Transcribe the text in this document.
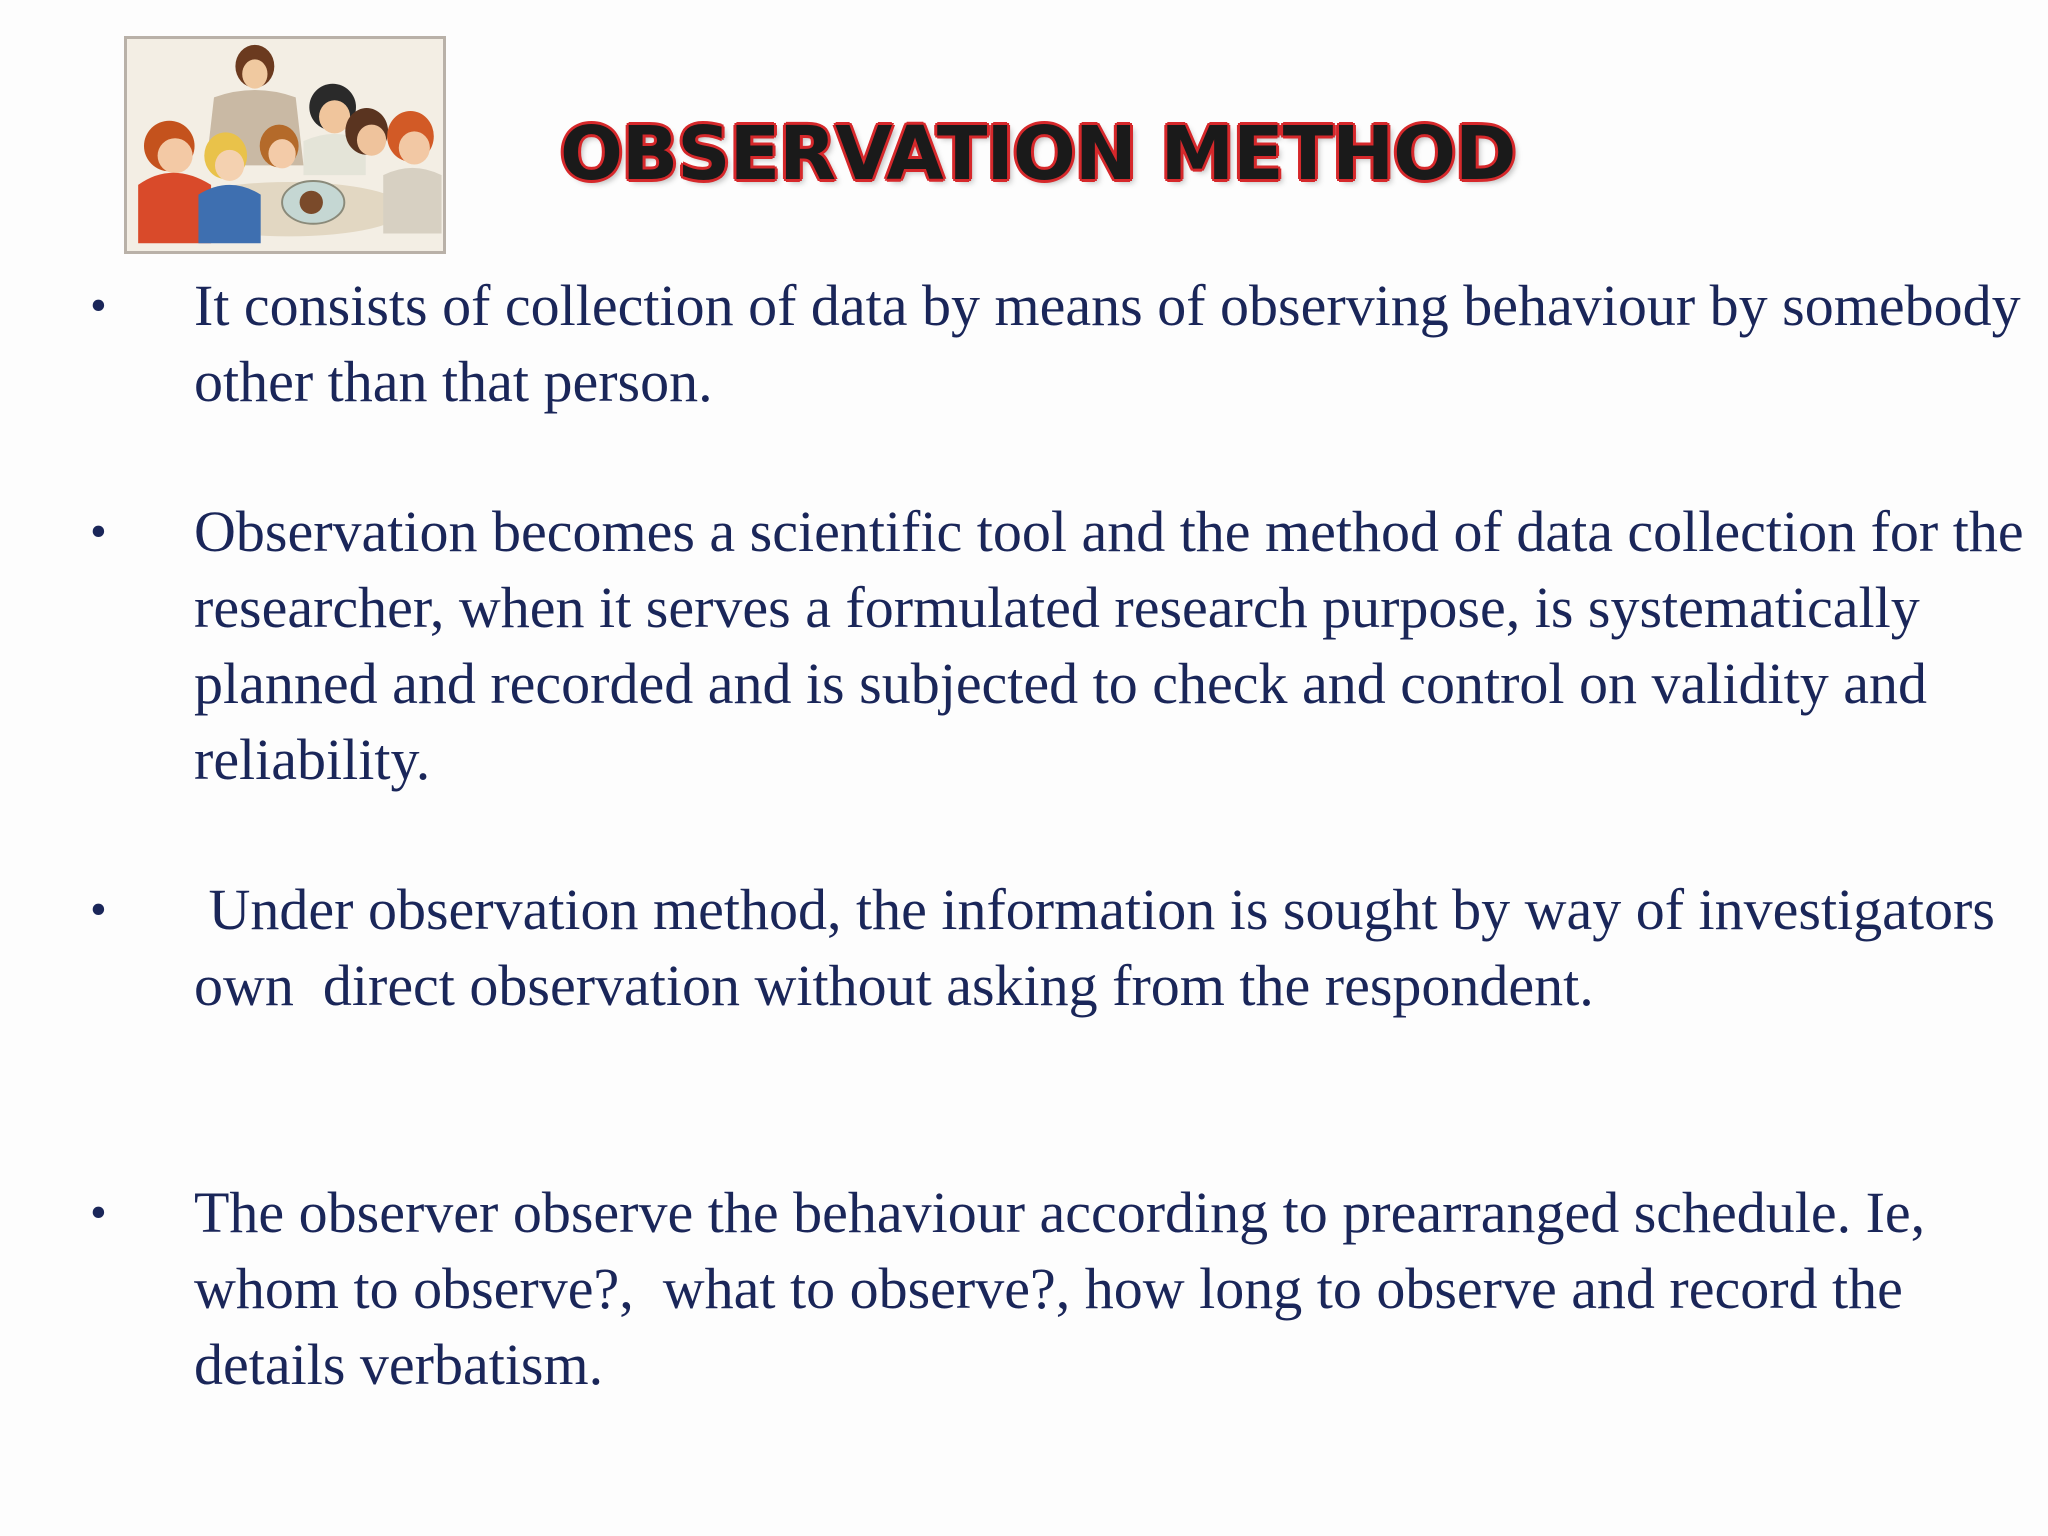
OBSERVATION METHOD
•	It consists of collection of data by means of observing behaviour by somebody other than that person.
•	Observation becomes a scientific tool and the method of data collection for the researcher, when it serves a formulated research purpose, is systematically planned and recorded and is subjected to check and control on validity and reliability.
•	Under observation method, the information is sought by way of investigators own  direct observation without asking from the respondent.
•	The observer observe the behaviour according to prearranged schedule. Ie, whom to observe?,  what to observe?, how long to observe and record the details verbatism.
